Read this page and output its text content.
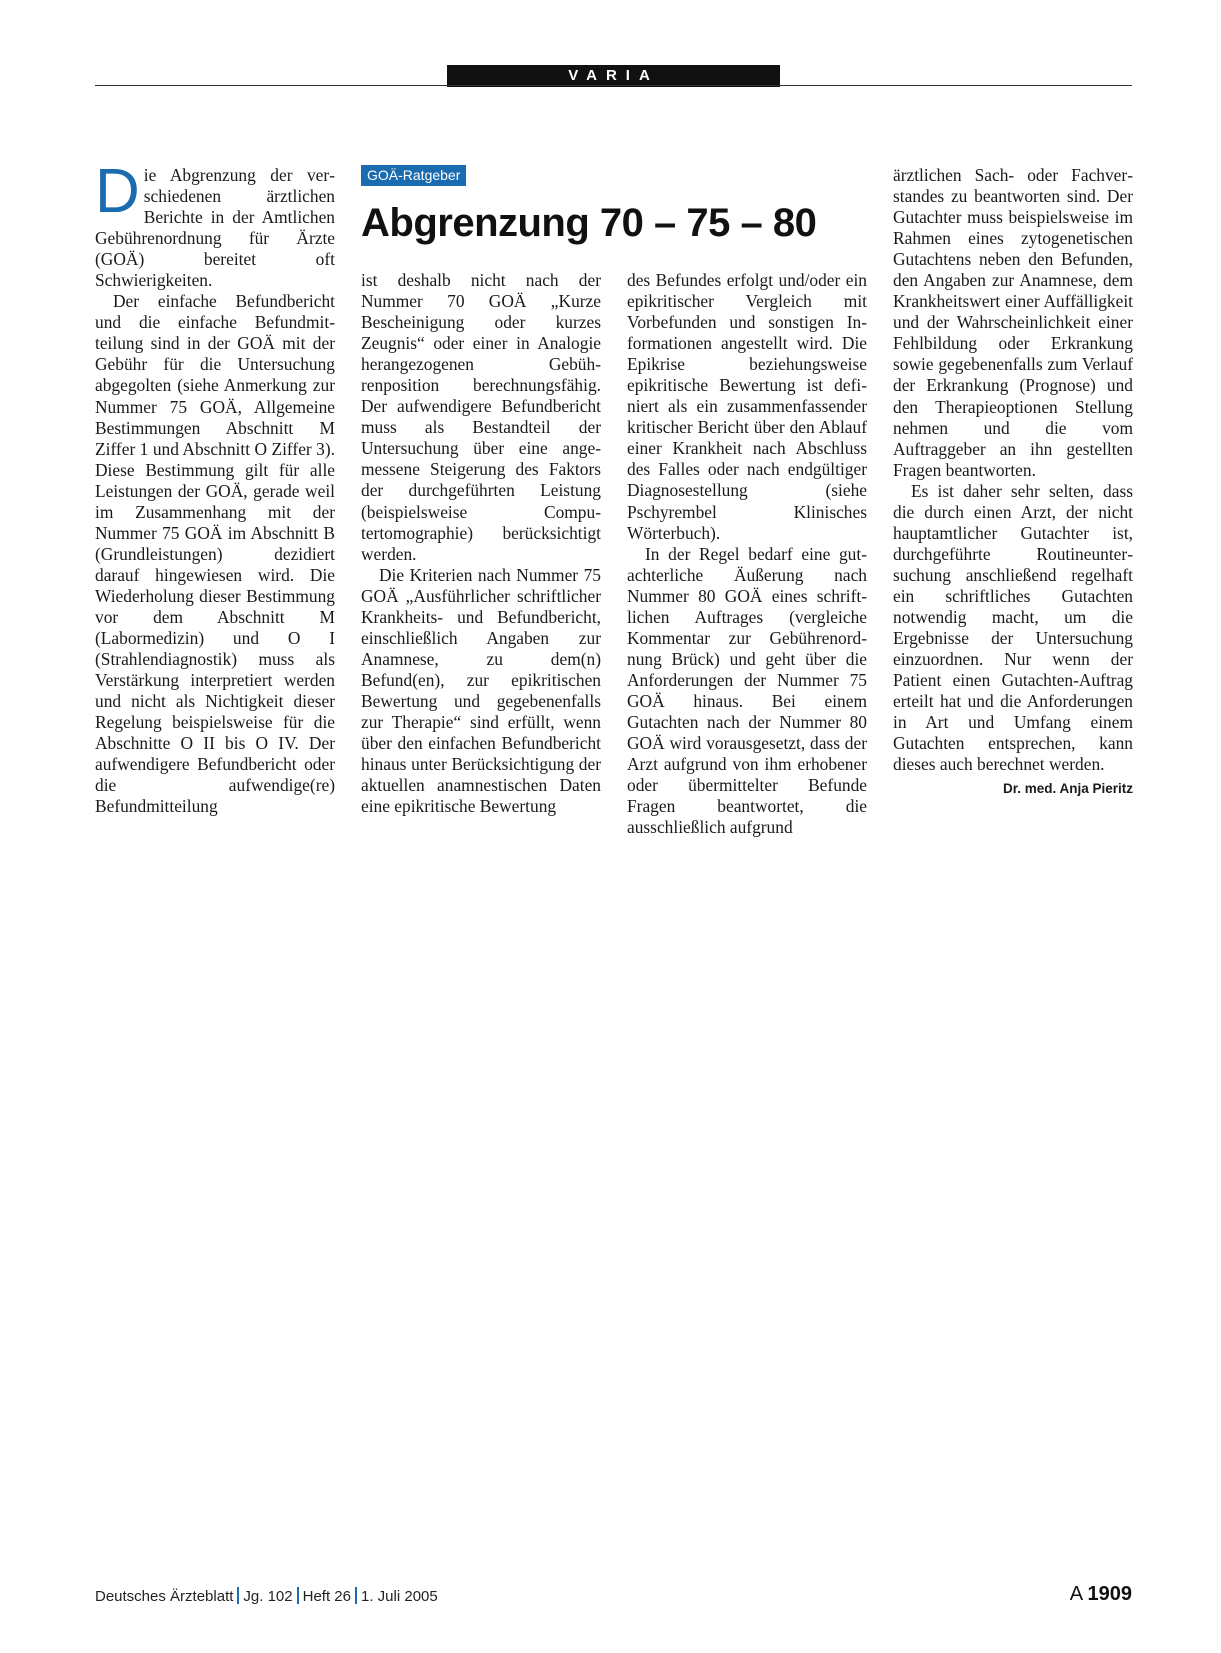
VARIA

Die Abgrenzung der verschiedenen ärztlichen Berichte in der Amtlichen Gebührenordnung für Ärzte (GOÄ) bereitet oft Schwierigkeiten.

Der einfache Befundbericht und die einfache Befundmitteilung sind in der GOÄ mit der Gebühr für die Untersuchung abgegolten (siehe Anmerkung zur Nummer 75 GOÄ, Allgemeine Bestimmungen Abschnitt M Ziffer 1 und Abschnitt O Ziffer 3). Diese Bestimmung gilt für alle Leistungen der GOÄ, gerade weil im Zusammenhang mit der Nummer 75 GOÄ im Abschnitt B (Grundleistungen) dezidiert darauf hingewiesen wird. Die Wiederholung dieser Bestimmung vor dem Abschnitt M (Labormedizin) und O I (Strahlendiagnostik) muss als Verstärkung interpretiert werden und nicht als Nichtigkeit dieser Regelung beispielsweise für die Abschnitte O II bis O IV. Der aufwendigere Befundbericht oder die aufwendige(re) Befundmitteilung

GOÄ-Ratgeber
Abgrenzung 70 – 75 – 80

ist deshalb nicht nach der Nummer 70 GOÄ „Kurze Bescheinigung oder kurzes Zeugnis“ oder einer in Analogie herangezogenen Gebührenposition berechnungsfähig. Der aufwendigere Befundbericht muss als Bestandteil der Untersuchung über eine angemessene Steigerung des Faktors der durchgeführten Leistung (beispielsweise Computertomographie) berücksichtigt werden.

Die Kriterien nach Nummer 75 GOÄ „Ausführlicher schriftlicher Krankheits- und Befundbericht, einschließlich Angaben zur Anamnese, zu dem(n) Befund(en), zur epikritischen Bewertung und gegebenenfalls zur Therapie“ sind erfüllt, wenn über den einfachen Befundbericht hinaus unter Berücksichtigung der aktuellen anamnestischen Daten eine epikritische Bewertung

des Befundes erfolgt und/oder ein epikritischer Vergleich mit Vorbefunden und sonstigen Informationen angestellt wird. Die Epikrise beziehungsweise epikritische Bewertung ist definiert als ein zusammenfassender kritischer Bericht über den Ablauf einer Krankheit nach Abschluss des Falles oder nach endgültiger Diagnosestellung (siehe Pschyrembel Klinisches Wörterbuch).

In der Regel bedarf eine gutachterliche Äußerung nach Nummer 80 GOÄ eines schriftlichen Auftrages (vergleiche Kommentar zur Gebührenordnung Brück) und geht über die Anforderungen der Nummer 75 GOÄ hinaus. Bei einem Gutachten nach der Nummer 80 GOÄ wird vorausgesetzt, dass der Arzt aufgrund von ihm erhobener oder übermittelter Befunde Fragen beantwortet, die ausschließlich aufgrund

ärztlichen Sach- oder Fachverstandes zu beantworten sind. Der Gutachter muss beispielsweise im Rahmen eines zytogenetischen Gutachtens neben den Befunden, den Angaben zur Anamnese, dem Krankheitswert einer Auffälligkeit und der Wahrscheinlichkeit einer Fehlbildung oder Erkrankung sowie gegebenenfalls zum Verlauf der Erkrankung (Prognose) und den Therapieoptionen Stellung nehmen und die vom Auftraggeber an ihn gestellten Fragen beantworten.

Es ist daher sehr selten, dass die durch einen Arzt, der nicht hauptamtlicher Gutachter ist, durchgeführte Routineuntersuchung anschließend regelhaft ein schriftliches Gutachten notwendig macht, um die Ergebnisse der Untersuchung einzuordnen. Nur wenn der Patient einen Gutachten-Auftrag erteilt hat und die Anforderungen in Art und Umfang einem Gutachten entsprechen, kann dieses auch berechnet werden.
Dr. med. Anja Pieritz

Deutsches Ärzteblatt Jg. 102 Heft 26 1. Juli 2005	A 1909
